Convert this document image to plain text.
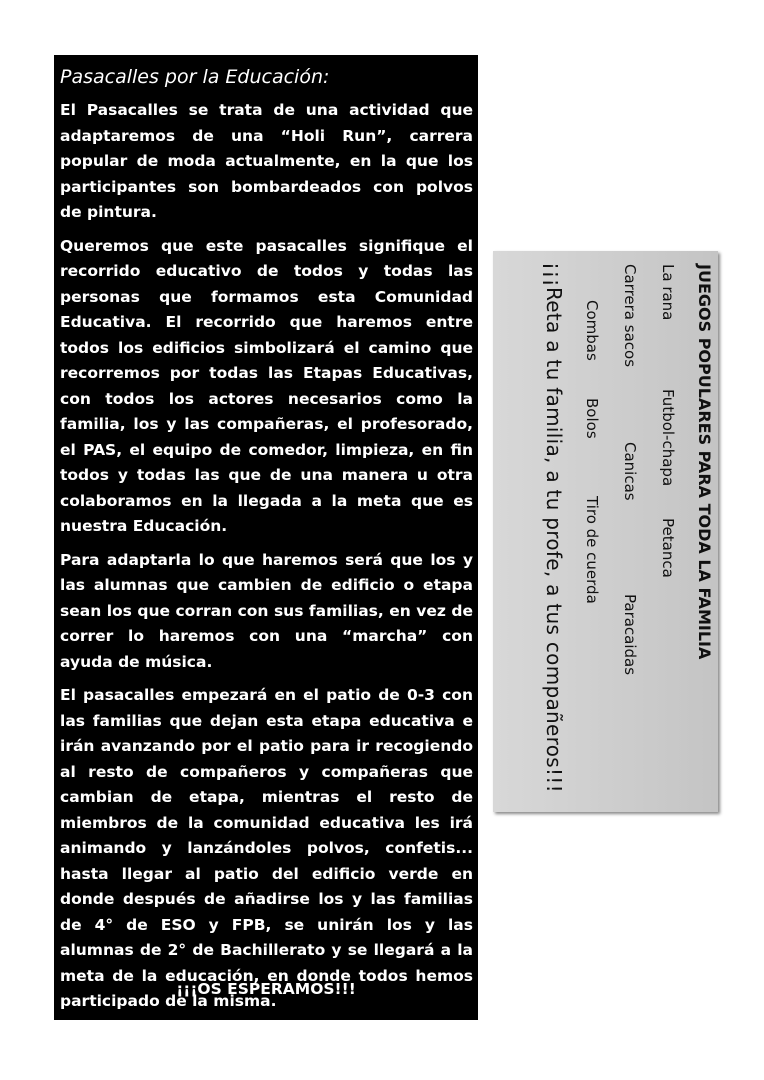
Pasacalles por la Educación:

El Pasacalles se trata de una actividad que adaptaremos de una “Holi Run”, carrera popular de moda actualmente, en la que los participantes son bombardeados con polvos de pintura.

Queremos que este pasacalles signifique el recorrido educativo de todos y todas las personas que formamos esta Comunidad Educativa. El recorrido que haremos entre todos los edificios simbolizará el camino que recorremos por todas las Etapas Educativas, con todos los actores necesarios como la familia, los y las compañeras, el profesorado, el PAS, el equipo de comedor, limpieza, en fin todos y todas las que de una manera u otra colaboramos en la llegada a la meta que es nuestra Educación.

Para adaptarla lo que haremos será que los y las alumnas que cambien de edificio o etapa sean los que corran con sus familias, en vez de correr lo haremos con una “marcha” con ayuda de música.

El pasacalles empezará en el patio de 0-3 con las familias que dejan esta etapa educativa e irán avanzando por el patio para ir recogiendo al resto de compañeros y compañeras que cambian de etapa, mientras el resto de miembros de la comunidad educativa les irá animando y lanzándoles polvos, confetis... hasta llegar al patio del edificio verde en donde después de añadirse los y las familias de 4° de ESO y FPB, se unirán los y las alumnas de 2° de Bachillerato y se llegará a la meta de la educación, en donde todos hemos participado de la misma.

¡¡¡OS ESPERAMOS!!!
JUEGOS POPULARES PARA TODA LA FAMILIA
La rana
Futbol-chapa
Petanca
Carrera sacos
Canicas
Paracaidas
Combas
Bolos
Tiro de cuerda
¡¡¡Reta a tu familia, a tu profe, a tus compañeros!!!
